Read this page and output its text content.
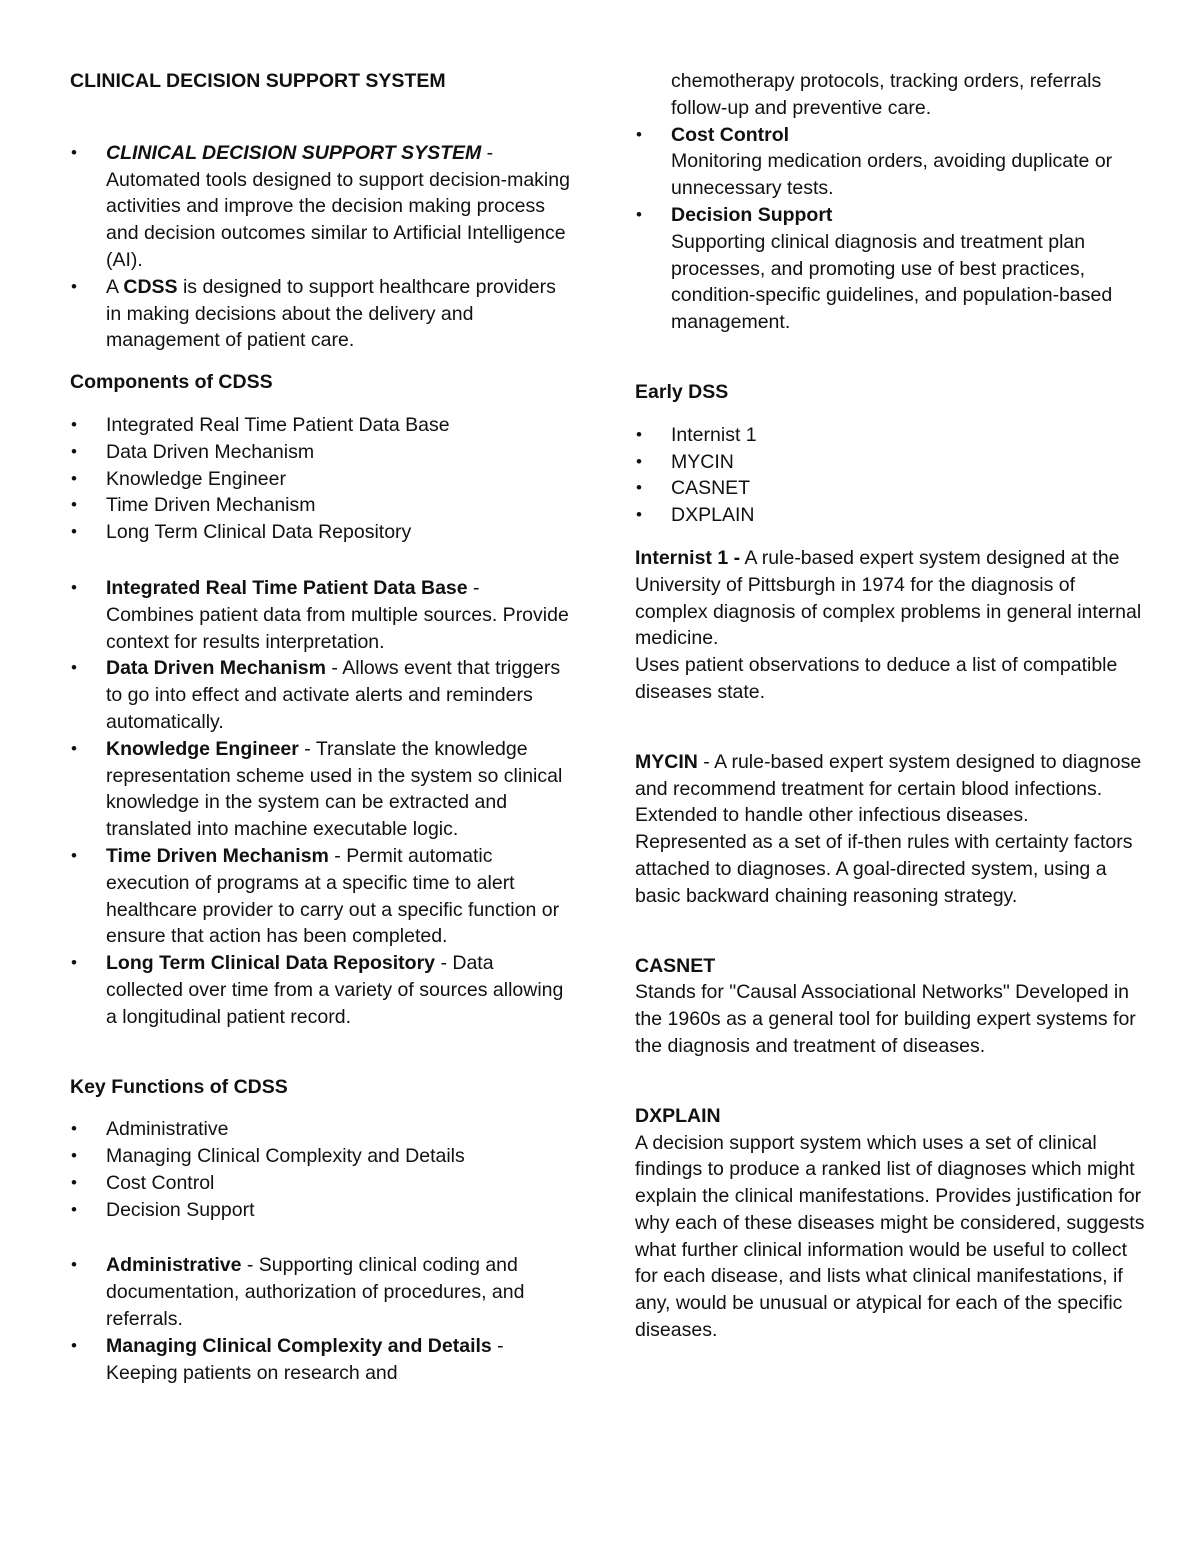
CLINICAL DECISION SUPPORT SYSTEM

• CLINICAL DECISION SUPPORT SYSTEM - Automated tools designed to support decision-making activities and improve the decision making process and decision outcomes similar to Artificial Intelligence (AI).
• A CDSS is designed to support healthcare providers in making decisions about the delivery and management of patient care.

Components of CDSS

• Integrated Real Time Patient Data Base
• Data Driven Mechanism
• Knowledge Engineer
• Time Driven Mechanism
• Long Term Clinical Data Repository
• Integrated Real Time Patient Data Base - Combines patient data from multiple sources. Provide context for results interpretation.
• Data Driven Mechanism - Allows event that triggers to go into effect and activate alerts and reminders automatically.
• Knowledge Engineer - Translate the knowledge representation scheme used in the system so clinical knowledge in the system can be extracted and translated into machine executable logic.
• Time Driven Mechanism - Permit automatic execution of programs at a specific time to alert healthcare provider to carry out a specific function or ensure that action has been completed.
• Long Term Clinical Data Repository - Data collected over time from a variety of sources allowing a longitudinal patient record.

Key Functions of CDSS

• Administrative
• Managing Clinical Complexity and Details
• Cost Control
• Decision Support
• Administrative - Supporting clinical coding and documentation, authorization of procedures, and referrals.
• Managing Clinical Complexity and Details - Keeping patients on research and

chemotherapy protocols, tracking orders, referrals follow-up and preventive care.

• Cost Control
Monitoring medication orders, avoiding duplicate or unnecessary tests.
• Decision Support
Supporting clinical diagnosis and treatment plan processes, and promoting use of best practices, condition-specific guidelines, and population-based management.

Early DSS

• Internist 1
• MYCIN
• CASNET
• DXPLAIN

Internist 1 - A rule-based expert system designed at the University of Pittsburgh in 1974 for the diagnosis of complex diagnosis of complex problems in general internal medicine.

Uses patient observations to deduce a list of compatible diseases state.

MYCIN - A rule-based expert system designed to diagnose and recommend treatment for certain blood infections. Extended to handle other infectious diseases. Represented as a set of if-then rules with certainty factors attached to diagnoses. A goal-directed system, using a basic backward chaining reasoning strategy.

CASNET

Stands for "Causal Associational Networks" Developed in the 1960s as a general tool for building expert systems for the diagnosis and treatment of diseases.

DXPLAIN

A decision support system which uses a set of clinical findings to produce a ranked list of diagnoses which might explain the clinical manifestations. Provides justification for why each of these diseases might be considered, suggests what further clinical information would be useful to collect for each disease, and lists what clinical manifestations, if any, would be unusual or atypical for each of the specific diseases.
